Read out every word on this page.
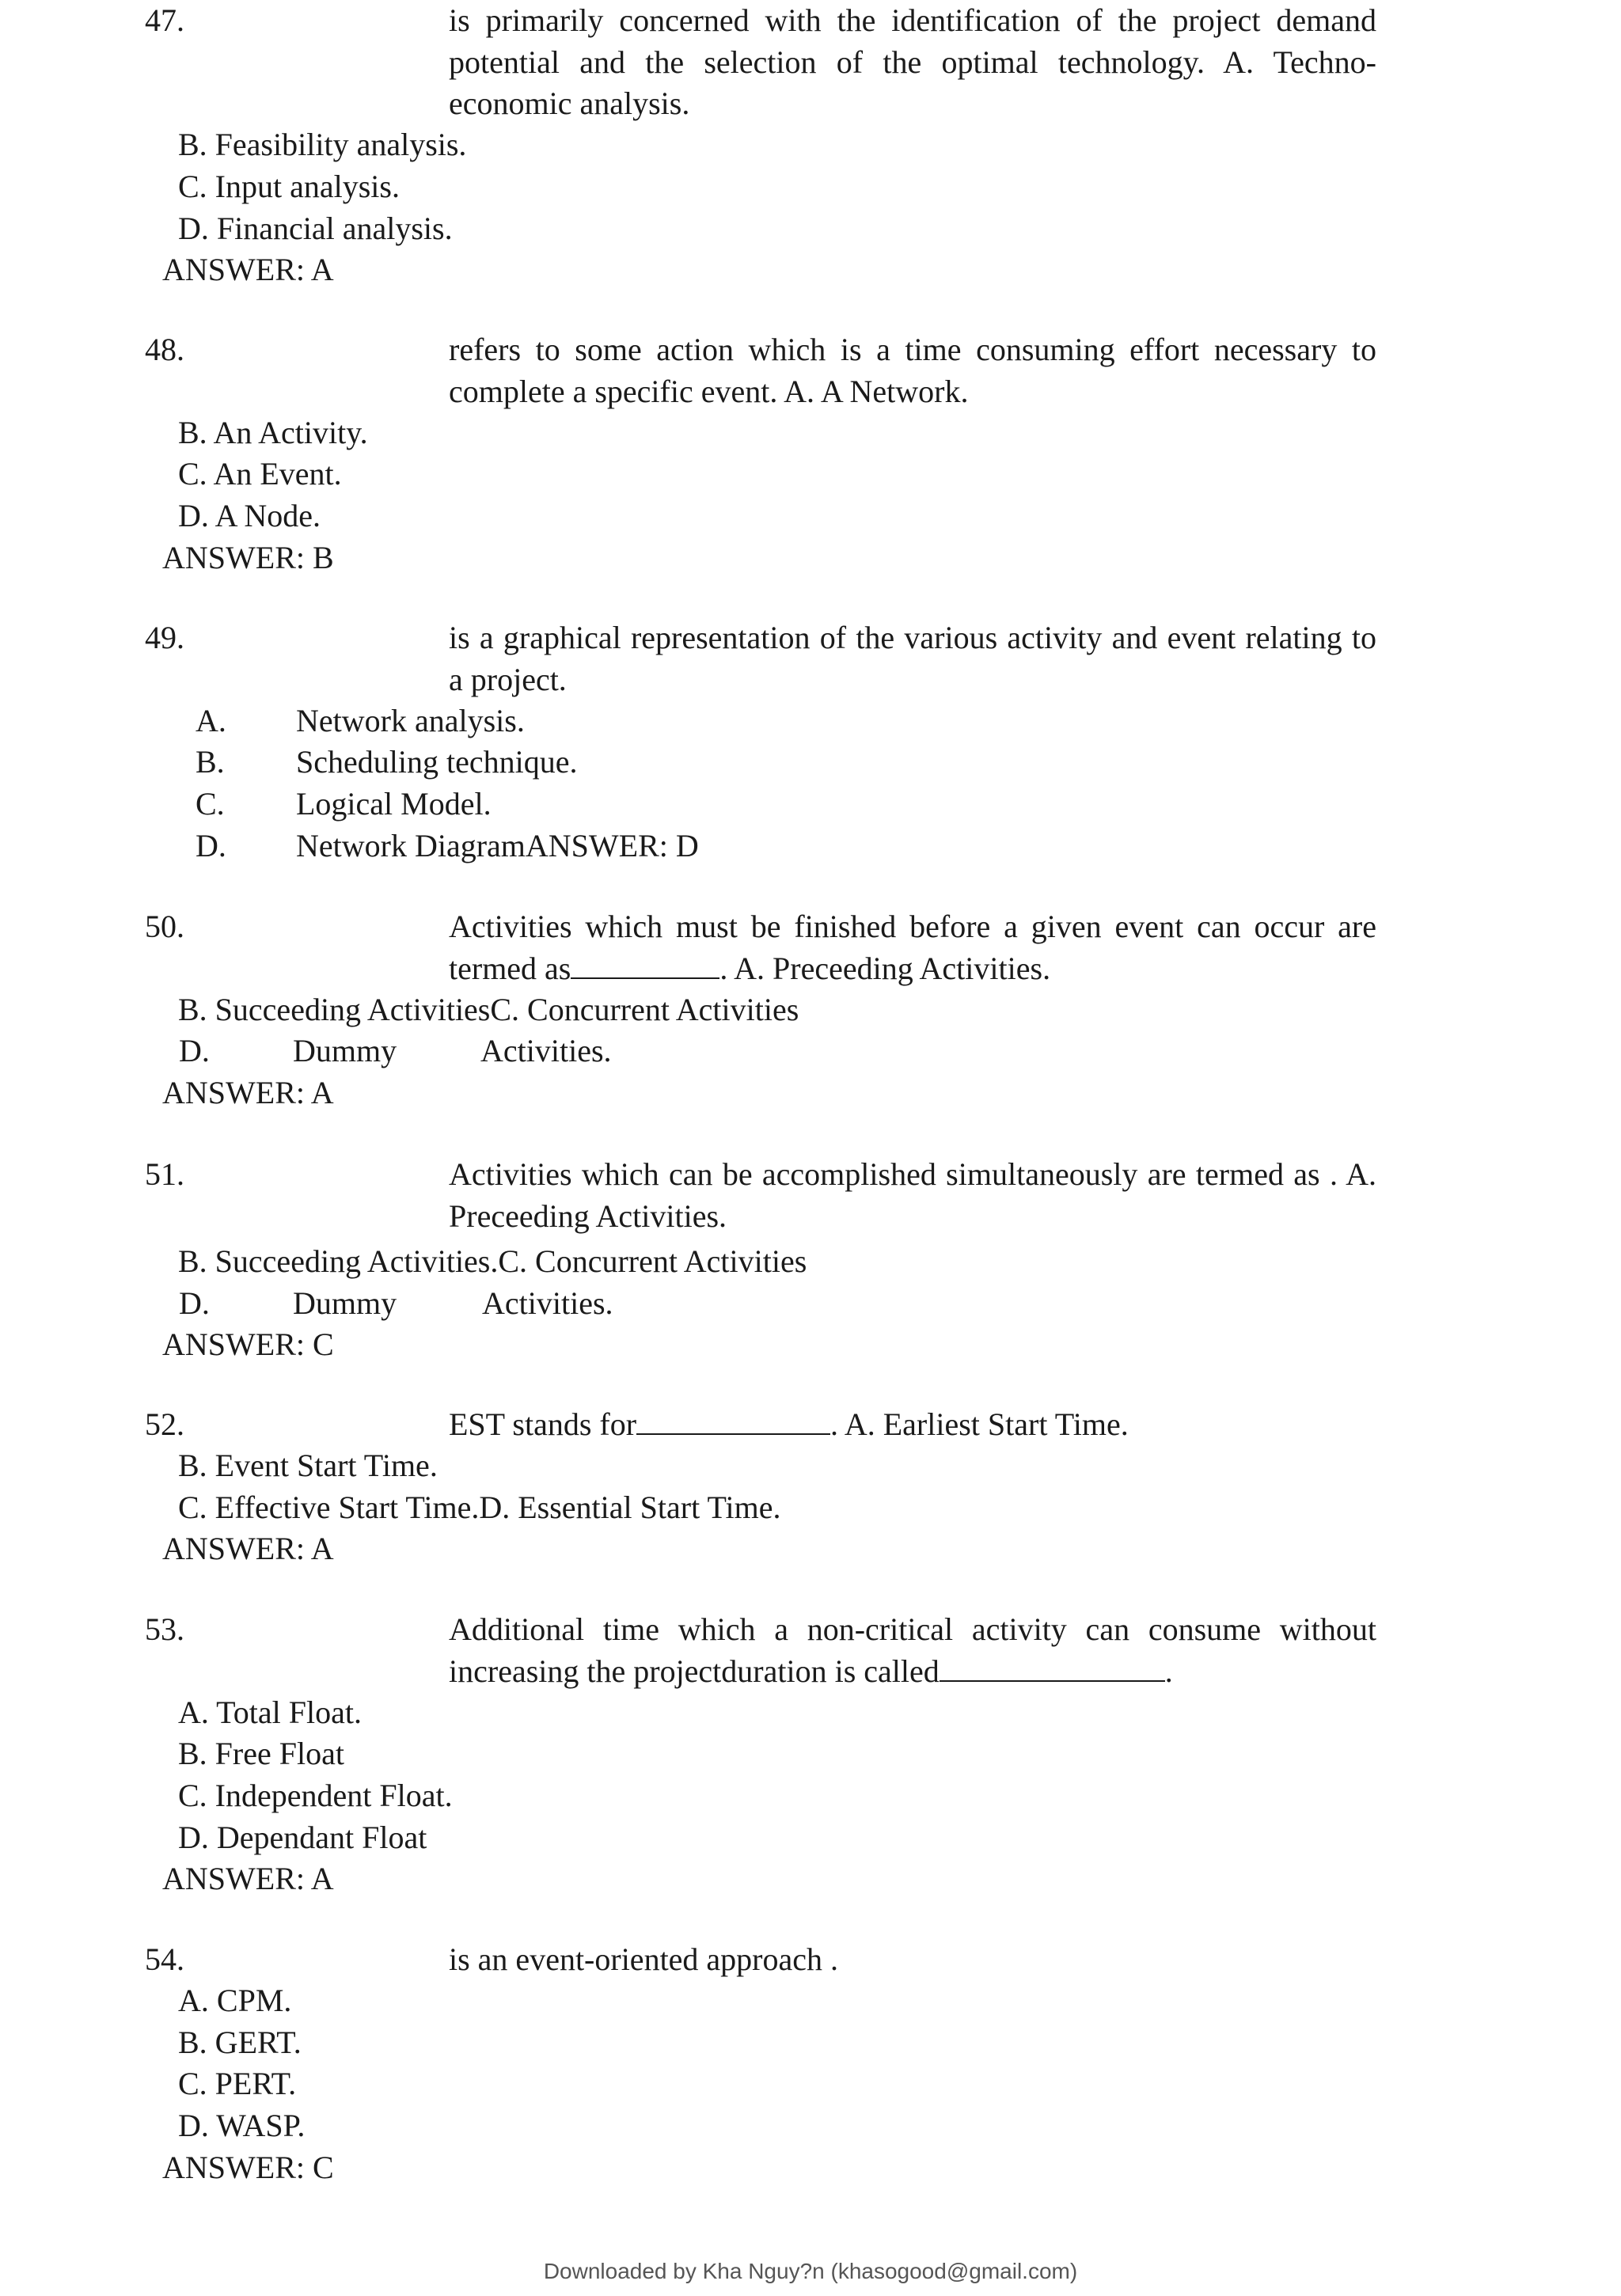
47.	is primarily concerned with the identification of the project demand potential and the selection of the optimal technology. A. Techno-economic analysis.
B. Feasibility analysis.
C. Input analysis.
D. Financial analysis.
ANSWER: A
48.	refers to some action which is a time consuming effort necessary to complete a specific event. A. A Network.
B. An Activity.
C. An Event.
D. A Node.
ANSWER: B
49.	is a graphical representation of the various activity and event relating to a project.
A. Network analysis.
B. Scheduling technique.
C. Logical Model.
D. Network DiagramANSWER: D
50.	Activities which must be finished before a given event can occur are termed as	. A. Preceeding Activities.
B. Succeeding ActivitiesC. Concurrent Activities
D.	Dummy	Activities.
ANSWER: A
51.	Activities which can be accomplished simultaneously are termed as . A. Preceeding Activities.
B. Succeeding Activities.C. Concurrent Activities
D.	Dummy	Activities.
ANSWER: C
52.	EST stands for	. A. Earliest Start Time.
B. Event Start Time.
C. Effective Start Time.D. Essential Start Time.
ANSWER: A
53.	Additional time which a non-critical activity can consume without increasing the projectduration is called	.
A. Total Float.
B. Free Float
C. Independent Float.
D. Dependant Float
ANSWER: A
54.	is an event-oriented approach .
A. CPM.
B. GERT.
C. PERT.
D. WASP.
ANSWER: C
Downloaded by Kha Nguy?n (khasogood@gmail.com)
